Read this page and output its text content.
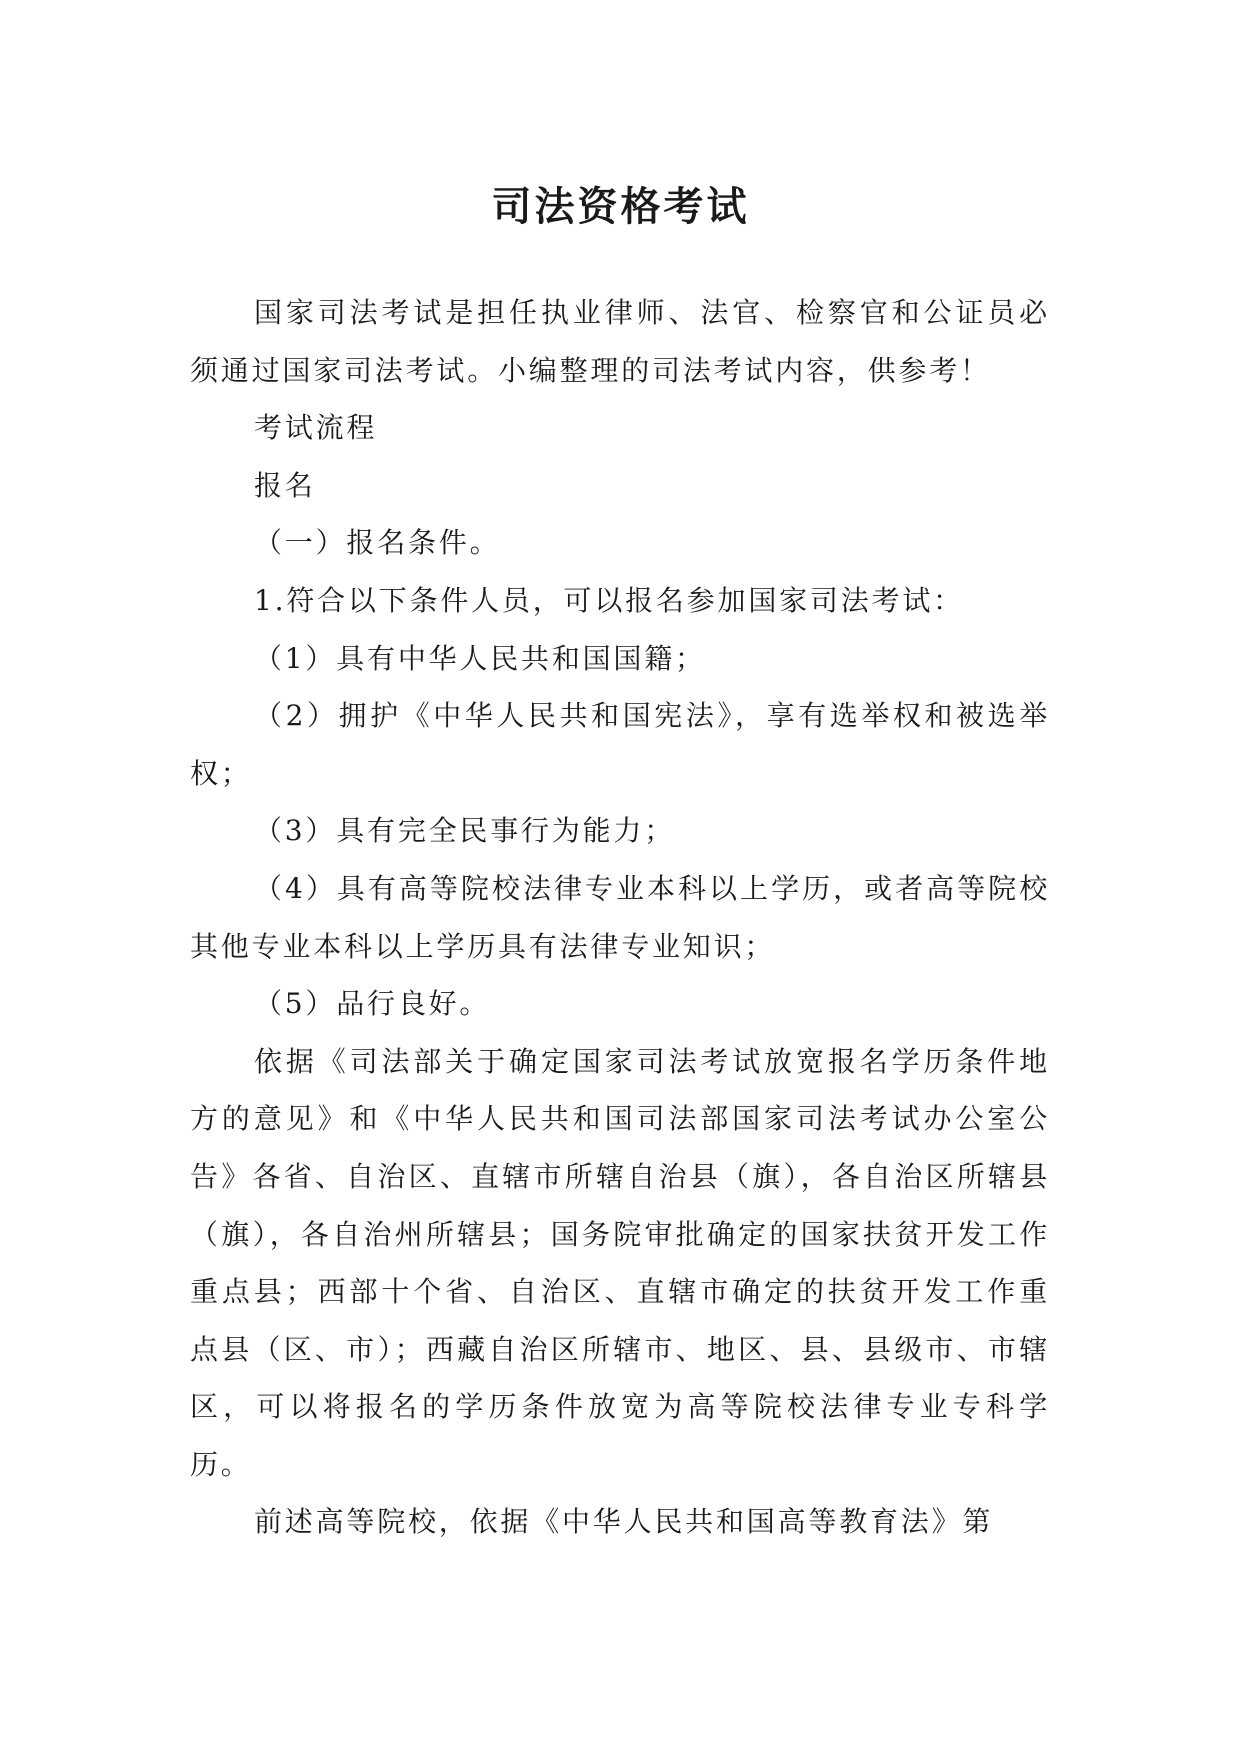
司法资格考试

国家司法考试是担任执业律师、法官、检察官和公证员必须通过国家司法考试。小编整理的司法考试内容，供参考！

考试流程

报名

（一）报名条件。

1.符合以下条件人员，可以报名参加国家司法考试：

（1）具有中华人民共和国国籍；

（2）拥护《中华人民共和国宪法》，享有选举权和被选举权；

（3）具有完全民事行为能力；

（4）具有高等院校法律专业本科以上学历，或者高等院校其他专业本科以上学历具有法律专业知识；

（5）品行良好。

依据《司法部关于确定国家司法考试放宽报名学历条件地方的意见》和《中华人民共和国司法部国家司法考试办公室公告》各省、自治区、直辖市所辖自治县（旗），各自治区所辖县（旗），各自治州所辖县；国务院审批确定的国家扶贫开发工作重点县；西部十个省、自治区、直辖市确定的扶贫开发工作重点县（区、市）；西藏自治区所辖市、地区、县、县级市、市辖区，可以将报名的学历条件放宽为高等院校法律专业专科学历。

前述高等院校，依据《中华人民共和国高等教育法》第
